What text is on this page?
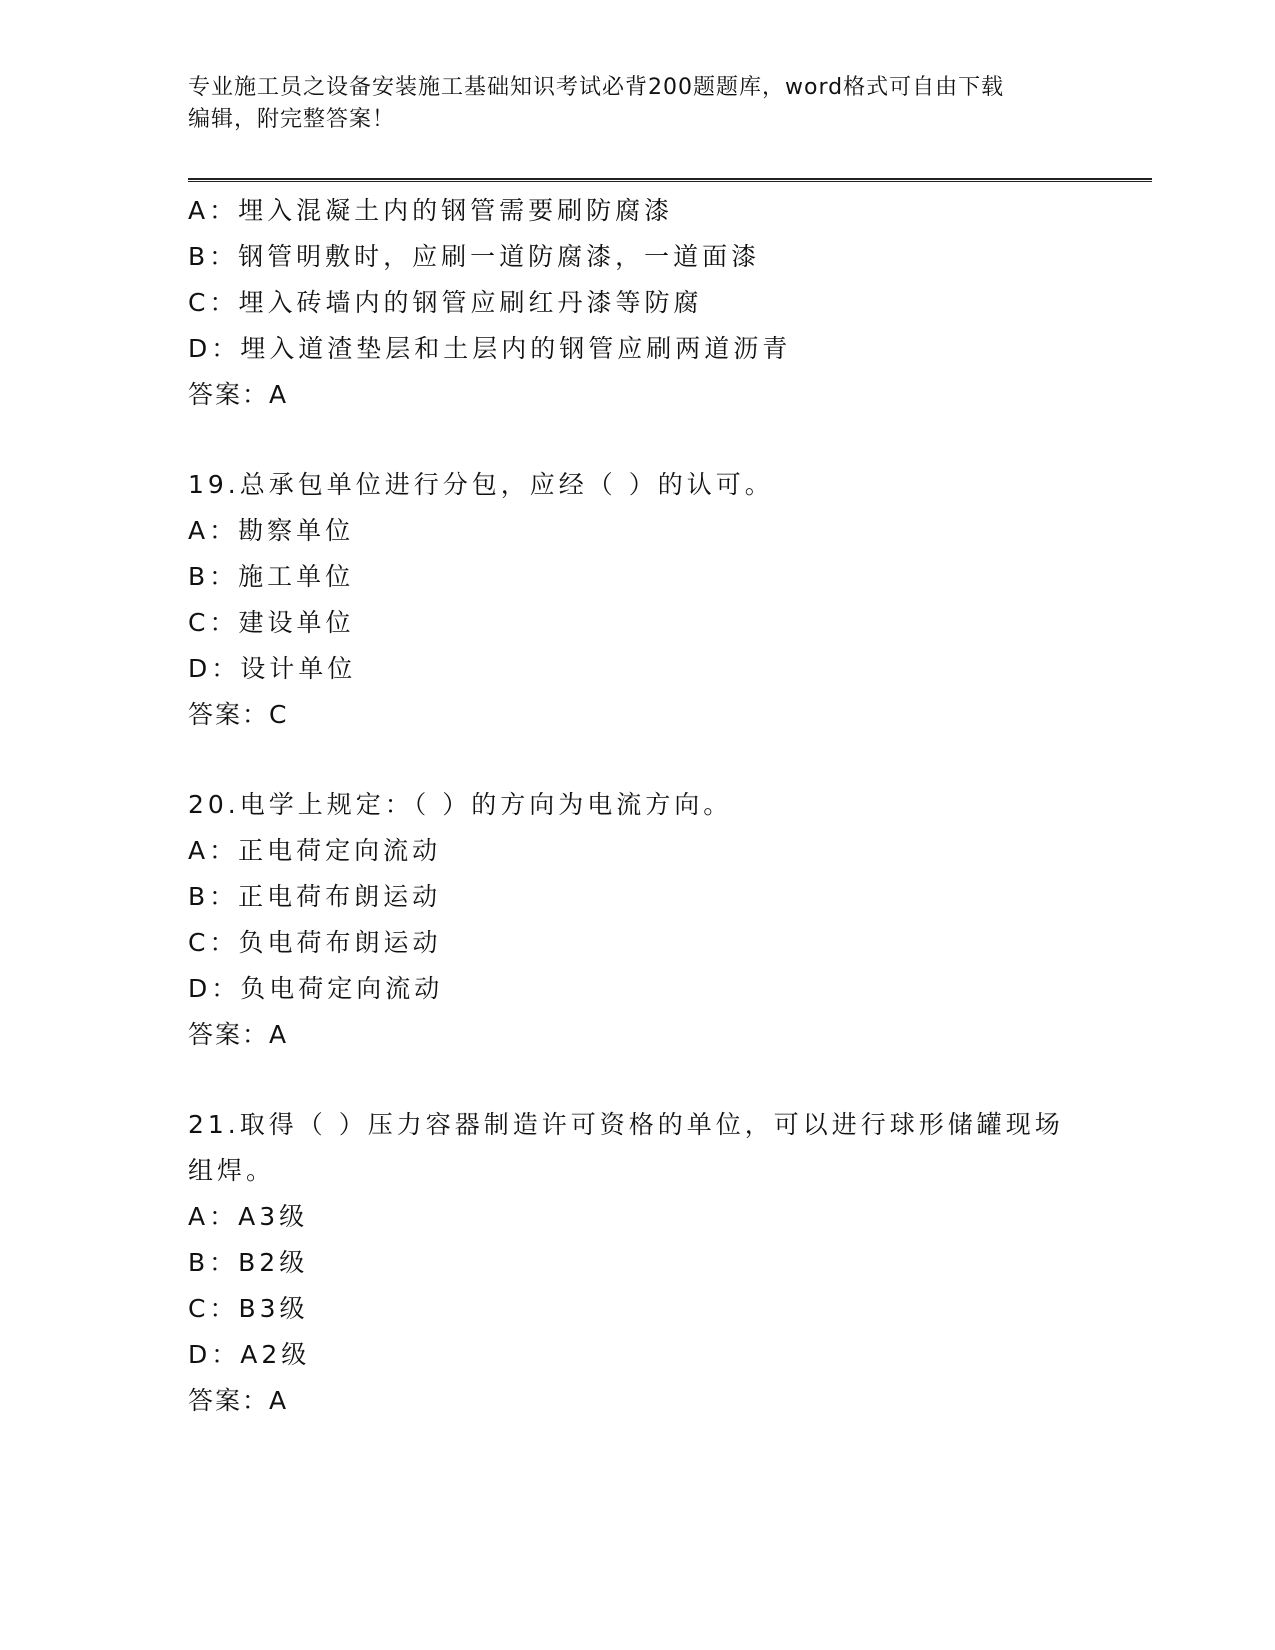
专业施工员之设备安装施工基础知识考试必背200题题库，word格式可自由下载
编辑，附完整答案！
A：埋入混凝土内的钢管需要刷防腐漆
B：钢管明敷时，应刷一道防腐漆，一道面漆
C：埋入砖墙内的钢管应刷红丹漆等防腐
D：埋入道渣垫层和土层内的钢管应刷两道沥青
答案：A
19.总承包单位进行分包，应经（ ）的认可。
A：勘察单位
B：施工单位
C：建设单位
D：设计单位
答案：C
20.电学上规定：（ ）的方向为电流方向。
A：正电荷定向流动
B：正电荷布朗运动
C：负电荷布朗运动
D：负电荷定向流动
答案：A
21.取得（ ）压力容器制造许可资格的单位，可以进行球形储罐现场
组焊。
A：A3级
B：B2级
C：B3级
D：A2级
答案：A
